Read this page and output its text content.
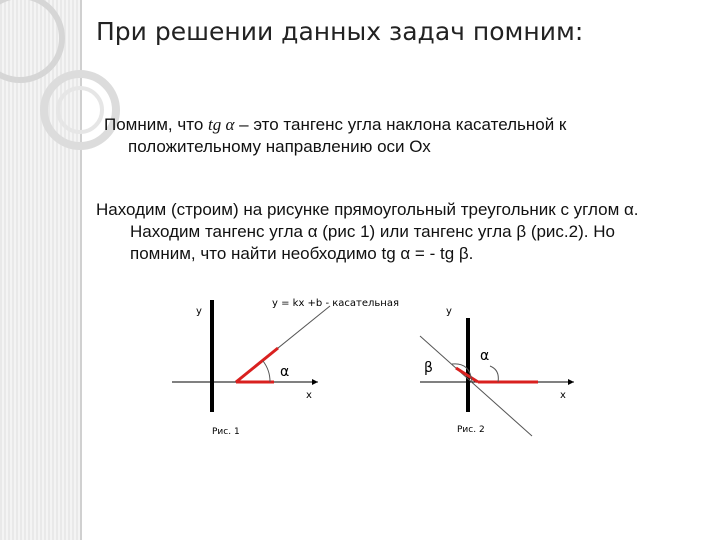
При решении данных задач помним:
Помним, что tg α – это тангенс угла наклона касательной к
положительному направлению оси Ох
Находим (строим) на рисунке прямоугольный треугольник с углом α.
Находим тангенс угла α (рис 1) или тангенс угла β (рис.2). Но
помним, что найти необходимо tg α = - tg β.
y
x
y = kx +b - касательная
α
Рис. 1
y
x
α
β
Рис. 2
